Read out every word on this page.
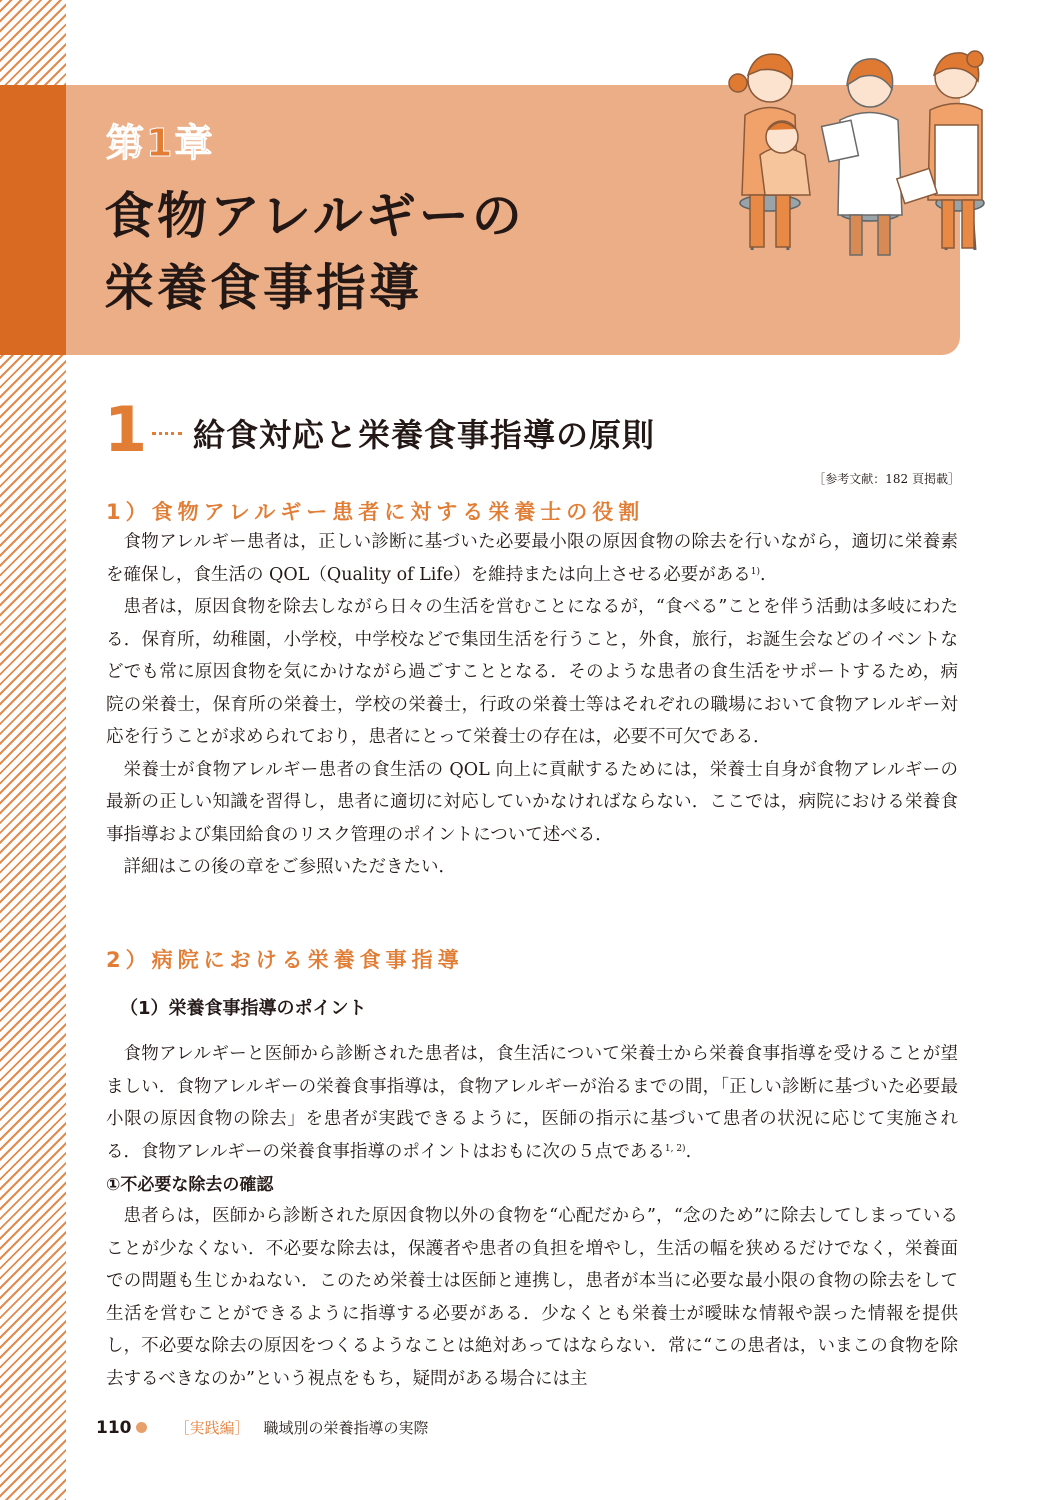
第1章
食物アレルギーの
栄養食事指導
1 給食対応と栄養食事指導の原則
［参考文献：182 頁掲載］
1）食物アレルギー患者に対する栄養士の役割

食物アレルギー患者は，正しい診断に基づいた必要最小限の原因食物の除去を行いながら，適切に栄養素を確保し，食生活の QOL（Quality of Life）を維持または向上させる必要がある$^{1)}$.

患者は，原因食物を除去しながら日々の生活を営むことになるが，“食べる”ことを伴う活動は多岐にわたる．保育所，幼稚園，小学校，中学校などで集団生活を行うこと，外食，旅行，お誕生会などのイベントなどでも常に原因食物を気にかけながら過ごすこととなる．そのような患者の食生活をサポートするため，病院の栄養士，保育所の栄養士，学校の栄養士，行政の栄養士等はそれぞれの職場において食物アレルギー対応を行うことが求められており，患者にとって栄養士の存在は，必要不可欠である．

栄養士が食物アレルギー患者の食生活の QOL 向上に貢献するためには，栄養士自身が食物アレルギーの最新の正しい知識を習得し，患者に適切に対応していかなければならない．ここでは，病院における栄養食事指導および集団給食のリスク管理のポイントについて述べる．

詳細はこの後の章をご参照いただきたい．

2）病院における栄養食事指導
（1）栄養食事指導のポイント

食物アレルギーと医師から診断された患者は，食生活について栄養士から栄養食事指導を受けることが望ましい．食物アレルギーの栄養食事指導は，食物アレルギーが治るまでの間，「正しい診断に基づいた必要最小限の原因食物の除去」を患者が実践できるように，医師の指示に基づいて患者の状況に応じて実施される．食物アレルギーの栄養食事指導のポイントはおもに次の５点である$^{1, 2)}$.

①不必要な除去の確認

患者らは，医師から診断された原因食物以外の食物を“心配だから”，“念のため”に除去してしまっていることが少なくない．不必要な除去は，保護者や患者の負担を増やし，生活の幅を狭めるだけでなく，栄養面での問題も生じかねない．このため栄養士は医師と連携し，患者が本当に必要な最小限の食物の除去をして生活を営むことができるように指導する必要がある．少なくとも栄養士が曖昧な情報や誤った情報を提供し，不必要な除去の原因をつくるようなことは絶対あってはならない．常に“この患者は，いまこの食物を除去するべきなのか”という視点をもち，疑問がある場合には主

110	［実践編］ 職域別の栄養指導の実際
